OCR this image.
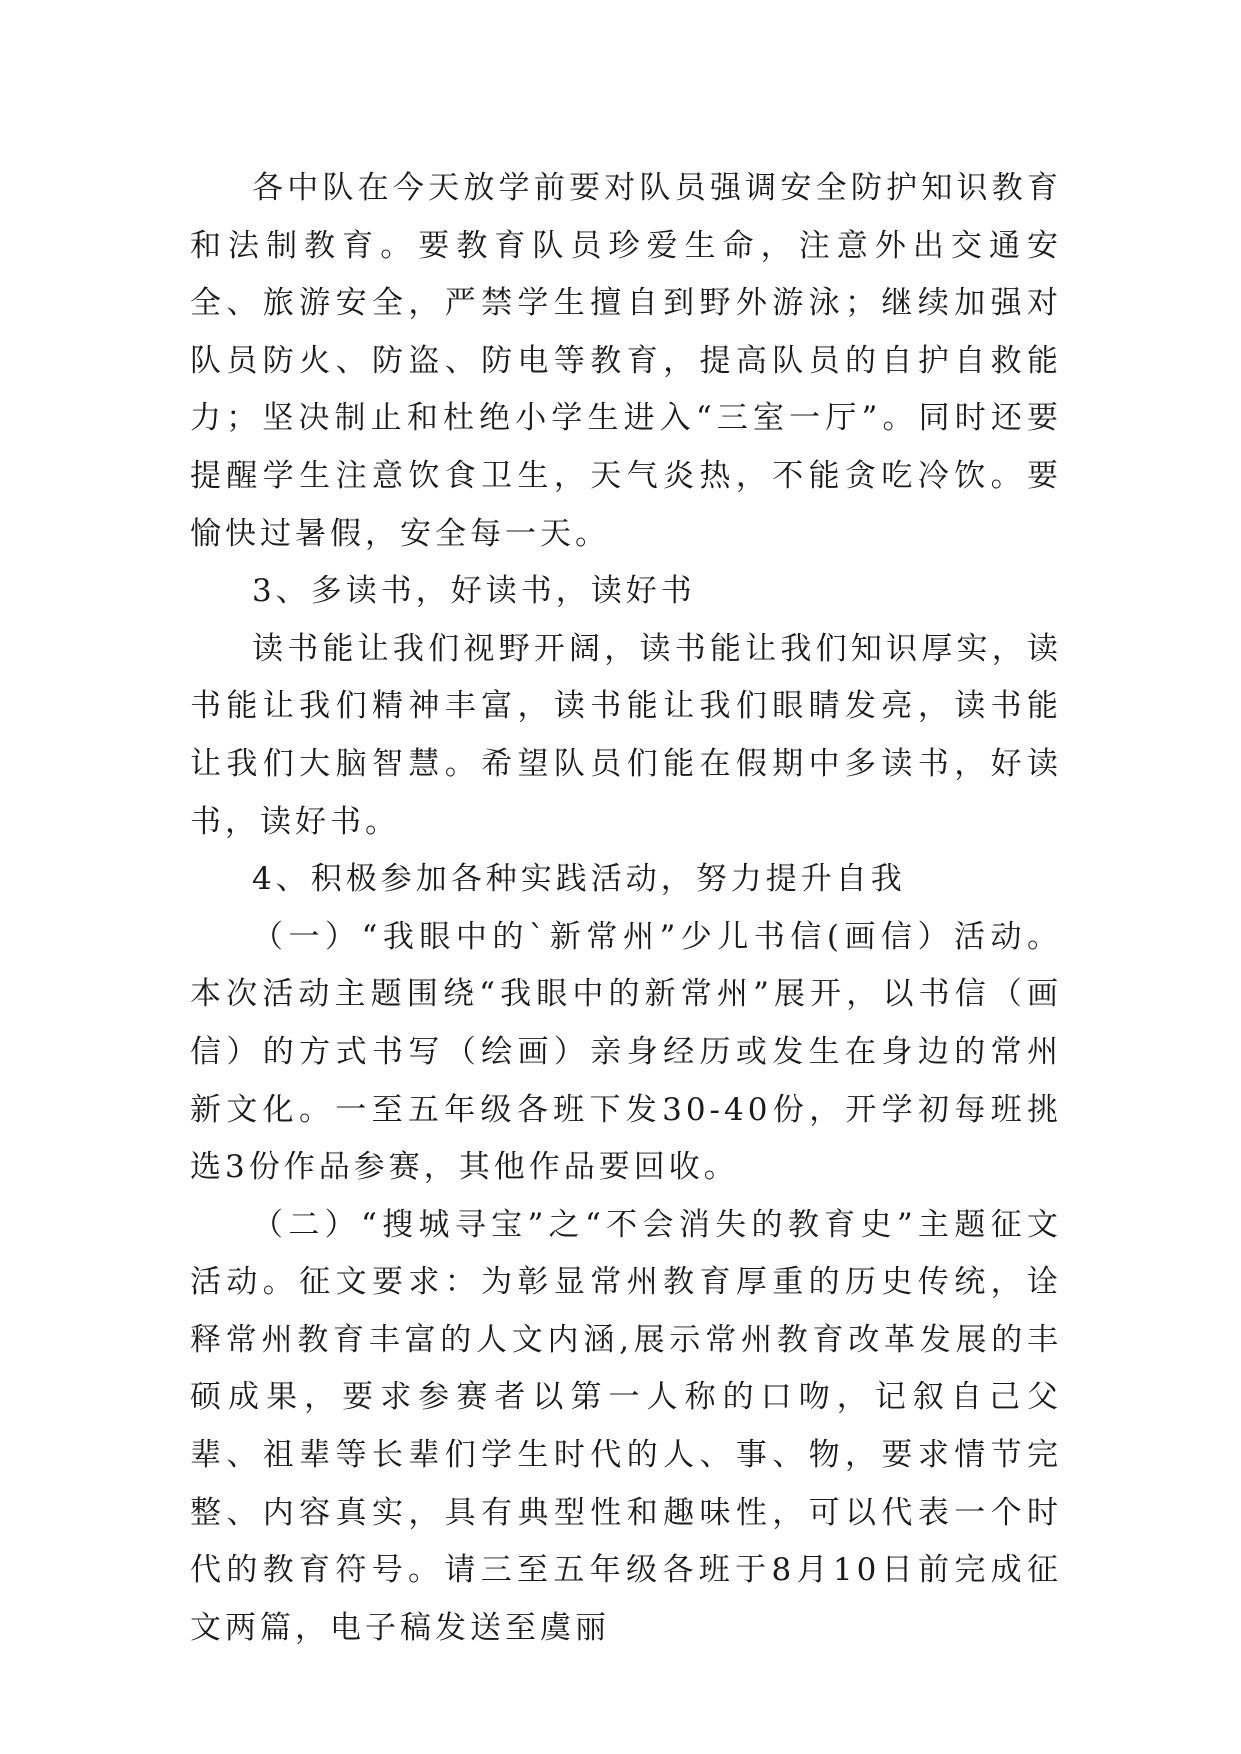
各中队在今天放学前要对队员强调安全防护知识教育和法制教育。要教育队员珍爱生命，注意外出交通安全、旅游安全，严禁学生擅自到野外游泳；继续加强对队员防火、防盗、防电等教育，提高队员的自护自救能力；坚决制止和杜绝小学生进入“三室一厅”。同时还要提醒学生注意饮食卫生，天气炎热，不能贪吃冷饮。要愉快过暑假，安全每一天。

3、多读书，好读书，读好书

读书能让我们视野开阔，读书能让我们知识厚实，读书能让我们精神丰富，读书能让我们眼睛发亮，读书能让我们大脑智慧。希望队员们能在假期中多读书，好读书，读好书。

4、积极参加各种实践活动，努力提升自我

（一）“我眼中的`新常州”少儿书信(画信）活动。本次活动主题围绕“我眼中的新常州”展开，以书信（画信）的方式书写（绘画）亲身经历或发生在身边的常州新文化。一至五年级各班下发30-40份，开学初每班挑选3份作品参赛，其他作品要回收。

（二）“搜城寻宝”之“不会消失的教育史”主题征文活动。征文要求：为彰显常州教育厚重的历史传统，诠释常州教育丰富的人文内涵,展示常州教育改革发展的丰硕成果，要求参赛者以第一人称的口吻，记叙自己父辈、祖辈等长辈们学生时代的人、事、物，要求情节完整、内容真实，具有典型性和趣味性，可以代表一个时代的教育符号。请三至五年级各班于8月10日前完成征文两篇，电子稿发送至虞丽
